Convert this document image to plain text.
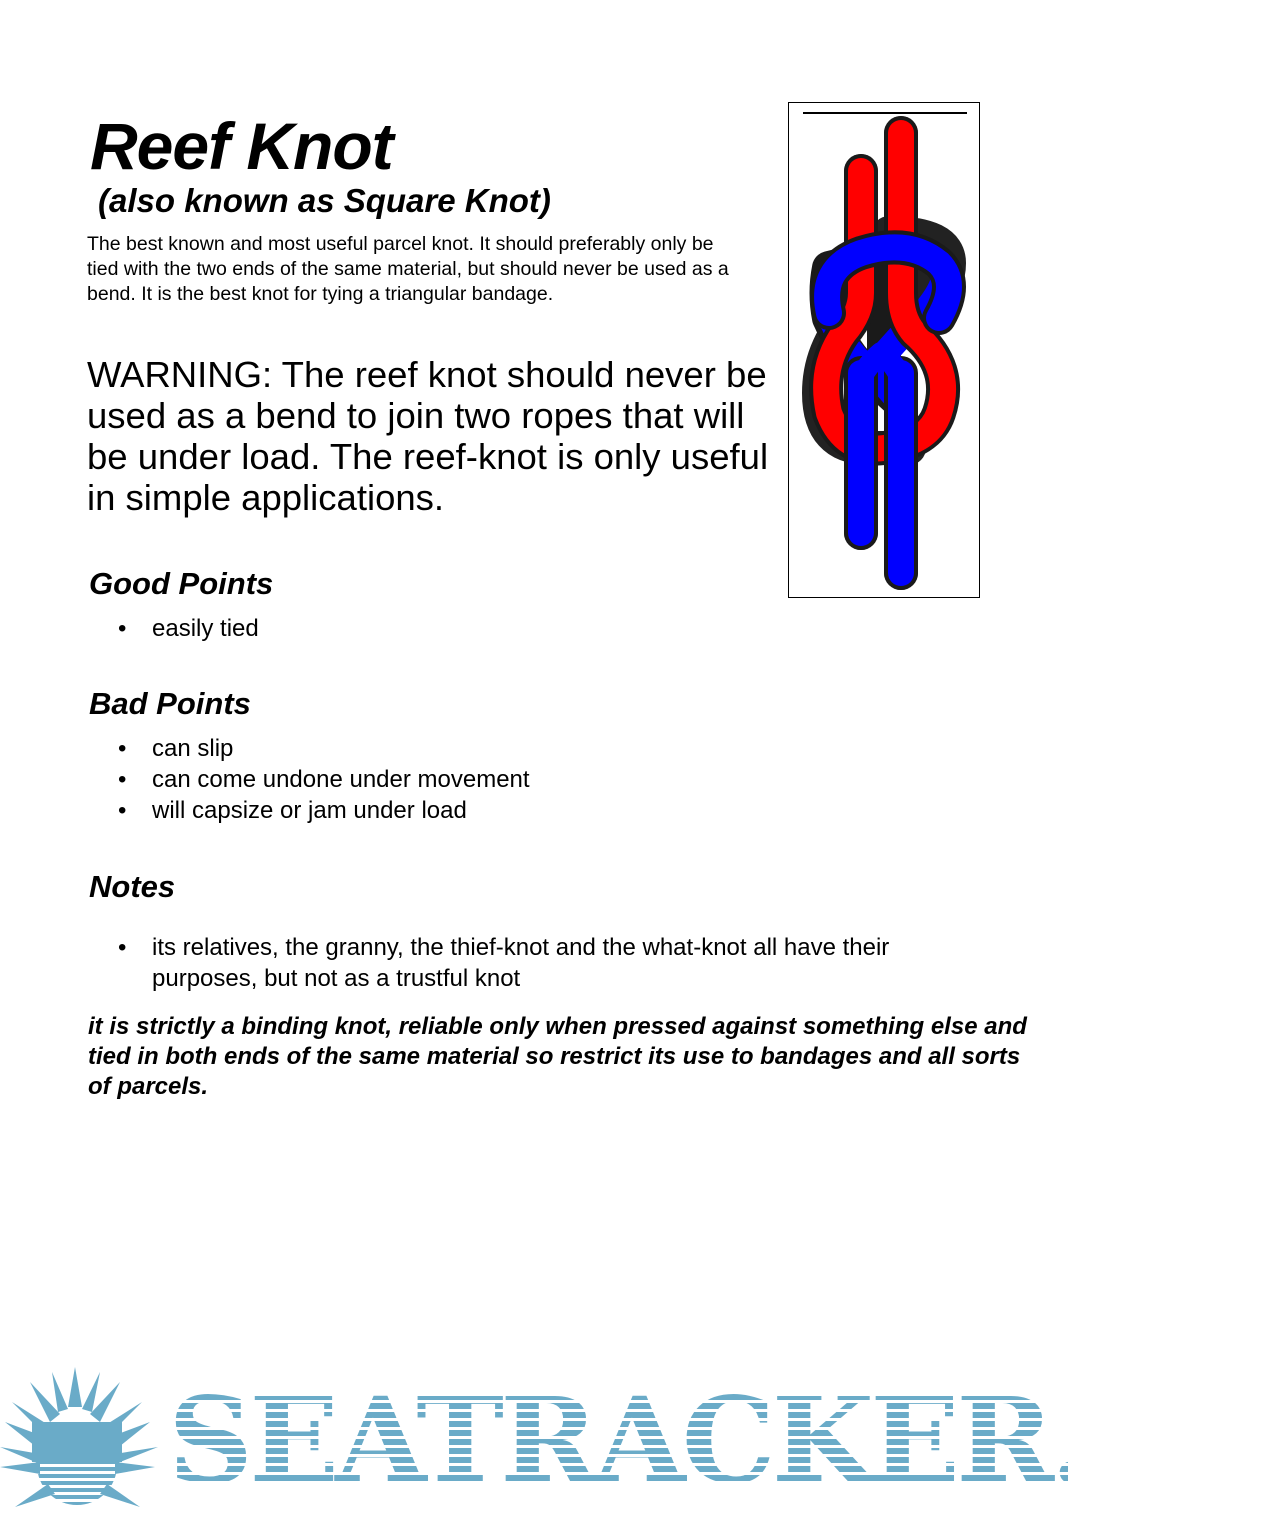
Reef Knot
(also known as Square Knot)

The best known and most useful parcel knot. It should preferably only be tied with the two ends of the same material, but should never be used as a bend. It is the best knot for tying a triangular bandage.

WARNING: The reef knot should never be used as a bend to join two ropes that will be under load. The reef-knot is only useful in simple applications.

Good Points
• easily tied
Bad Points
• can slip
• can come undone under movement
• will capsize or jam under load
Notes
• its relatives, the granny, the thief-knot and the what-knot all have their purposes, but not as a trustful knot

it is strictly a binding knot, reliable only when pressed against something else and tied in both ends of the same material so restrict its use to bandages and all sorts of parcels.

SEATRACKER.RU
